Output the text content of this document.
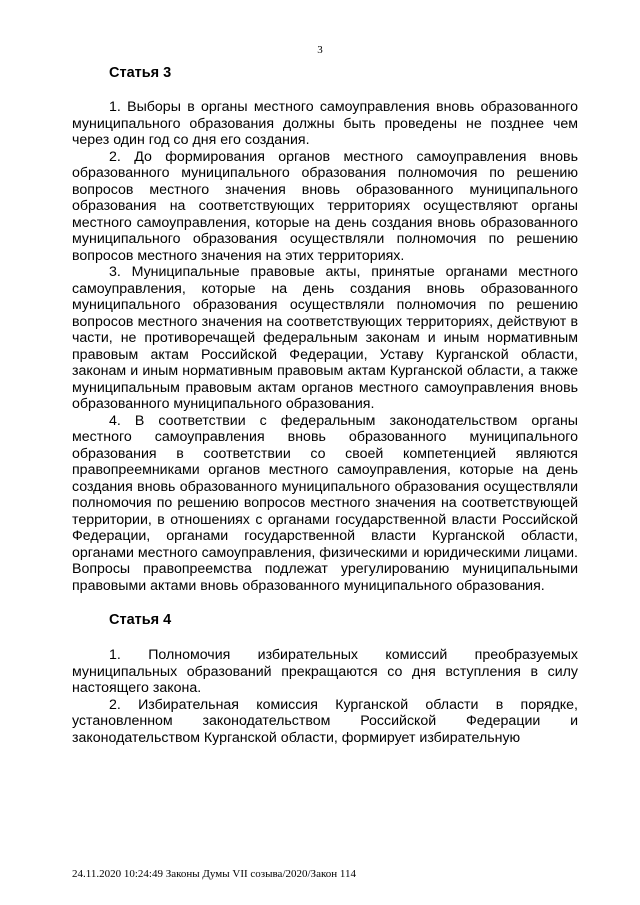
3
Статья 3

1. Выборы в органы местного самоуправления вновь образованного муниципального образования должны быть проведены не позднее чем через один год со дня его создания.

2. До формирования органов местного самоуправления вновь образованного муниципального образования полномочия по решению вопросов местного значения вновь образованного муниципального образования на соответствующих территориях осуществляют органы местного самоуправления, которые на день создания вновь образованного муниципального образования осуществляли полномочия по решению вопросов местного значения на этих территориях.

3. Муниципальные правовые акты, принятые органами местного самоуправления, которые на день создания вновь образованного муниципального образования осуществляли полномочия по решению вопросов местного значения на соответствующих территориях, действуют в части, не противоречащей федеральным законам и иным нормативным правовым актам Российской Федерации, Уставу Курганской области, законам и иным нормативным правовым актам Курганской области, а также муниципальным правовым актам органов местного самоуправления вновь образованного муниципального образования.

4. В соответствии с федеральным законодательством органы местного самоуправления вновь образованного муниципального образования в соответствии со своей компетенцией являются правопреемниками органов местного самоуправления, которые на день создания вновь образованного муниципального образования осуществляли полномочия по решению вопросов местного значения на соответствующей территории, в отношениях с органами государственной власти Российской Федерации, органами государственной власти Курганской области, органами местного самоуправления, физическими и юридическими лицами. Вопросы правопреемства подлежат урегулированию муниципальными правовыми актами вновь образованного муниципального образования.

Статья 4

1. Полномочия избирательных комиссий преобразуемых муниципальных образований прекращаются со дня вступления в силу настоящего закона.

2. Избирательная комиссия Курганской области в порядке, установленном законодательством Российской Федерации и законодательством Курганской области, формирует избирательную

24.11.2020 10:24:49 Законы Думы VII созыва/2020/Закон 114
